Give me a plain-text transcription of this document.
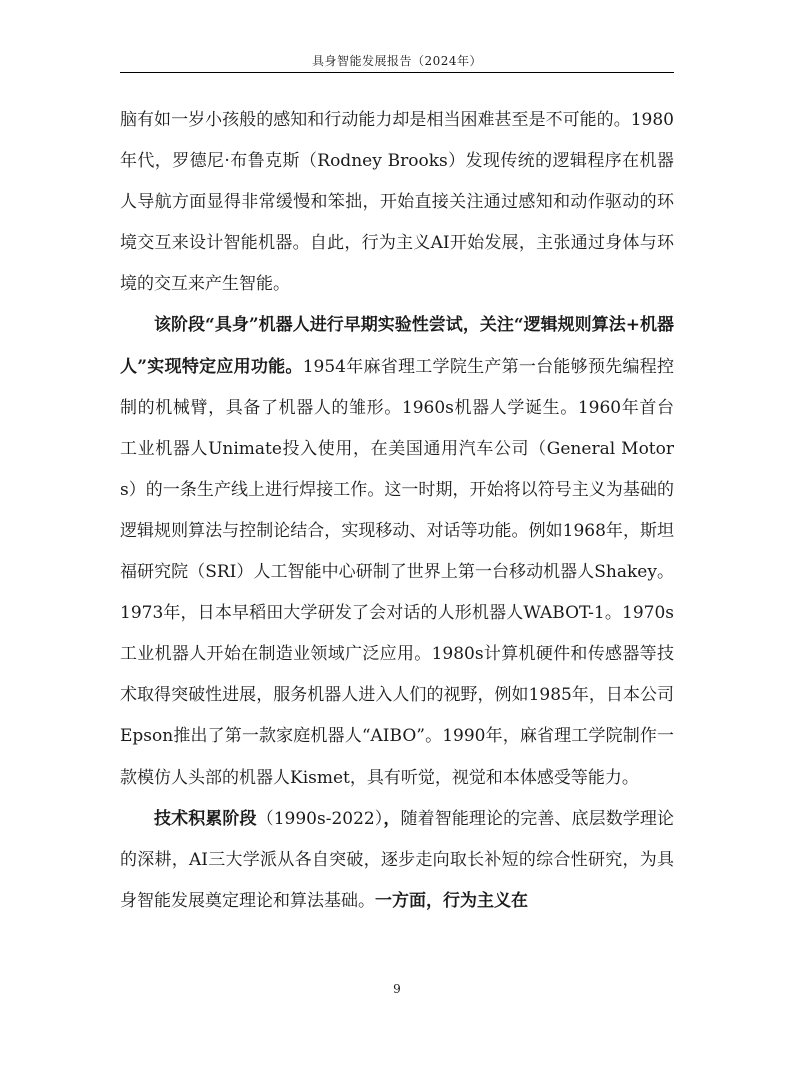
具身智能发展报告（2024年）

脑有如一岁小孩般的感知和行动能力却是相当困难甚至是不可能的。1980年代，罗德尼·布鲁克斯（Rodney Brooks）发现传统的逻辑程序在机器人导航方面显得非常缓慢和笨拙，开始直接关注通过感知和动作驱动的环境交互来设计智能机器。自此，行为主义AI开始发展，主张通过身体与环境的交互来产生智能。

该阶段“具身”机器人进行早期实验性尝试，关注“逻辑规则算法+机器人”实现特定应用功能。1954年麻省理工学院生产第一台能够预先编程控制的机械臂，具备了机器人的雏形。1960s机器人学诞生。1960年首台工业机器人Unimate投入使用，在美国通用汽车公司（General Motors）的一条生产线上进行焊接工作。这一时期，开始将以符号主义为基础的逻辑规则算法与控制论结合，实现移动、对话等功能。例如1968年，斯坦福研究院（SRI）人工智能中心研制了世界上第一台移动机器人Shakey。1973年，日本早稻田大学研发了会对话的人形机器人WABOT-1。1970s工业机器人开始在制造业领域广泛应用。1980s计算机硬件和传感器等技术取得突破性进展，服务机器人进入人们的视野，例如1985年，日本公司Epson推出了第一款家庭机器人“AIBO”。1990年，麻省理工学院制作一款模仿人头部的机器人Kismet，具有听觉，视觉和本体感受等能力。

技术积累阶段（1990s-2022），随着智能理论的完善、底层数学理论的深耕，AI三大学派从各自突破，逐步走向取长补短的综合性研究，为具身智能发展奠定理论和算法基础。一方面，行为主义在

9
